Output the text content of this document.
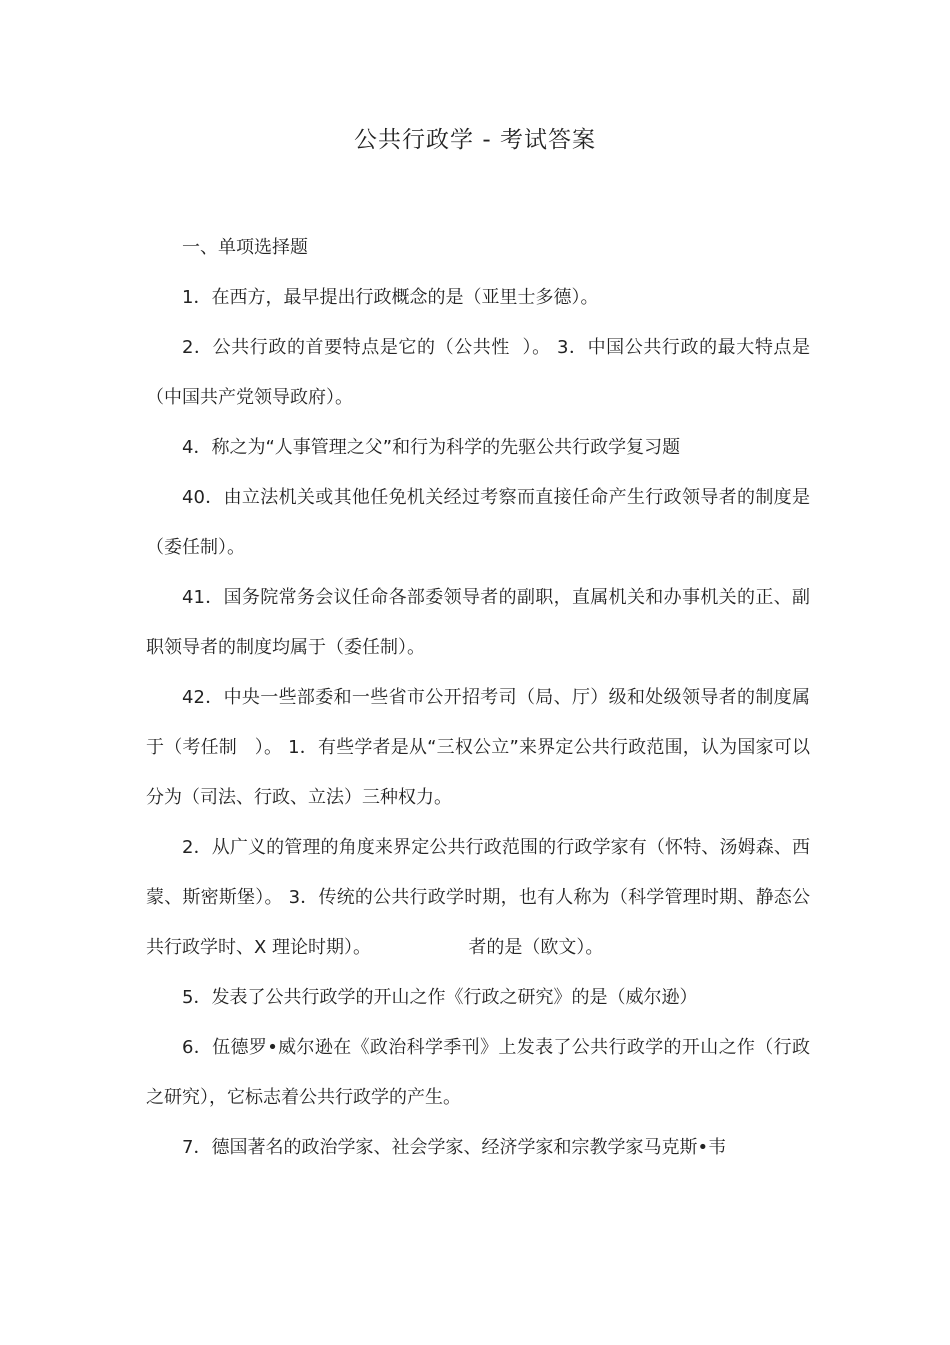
公共行政学 - 考试答案

一、单项选择题

1．在西方，最早提出行政概念的是（亚里士多德）。

2．公共行政的首要特点是它的（公共性  ）。 3．中国公共行政的最大特点是（中国共产党领导政府）。

4．称之为“人事管理之父”和行为科学的先驱公共行政学复习题

40．由立法机关或其他任免机关经过考察而直接任命产生行政领导者的制度是（委任制）。

41．国务院常务会议任命各部委领导者的副职，直属机关和办事机关的正、副职领导者的制度均属于（委任制）。

42．中央一些部委和一些省市公开招考司（局、厅）级和处级领导者的制度属于（考任制   ）。 1．有些学者是从“三权公立”来界定公共行政范围，认为国家可以分为（司法、行政、立法）三种权力。

2．从广义的管理的角度来界定公共行政范围的行政学家有（怀特、汤姆森、西蒙、斯密斯堡）。 3．传统的公共行政学时期，也有人称为（科学管理时期、静态公共行政学时、X 理论时期）。                 者的是（欧文）。

5．发表了公共行政学的开山之作《行政之研究》的是（威尔逊）

6．伍德罗•威尔逊在《政治科学季刊》上发表了公共行政学的开山之作（行政之研究），它标志着公共行政学的产生。

7．德国著名的政治学家、社会学家、经济学家和宗教学家马克斯•韦
